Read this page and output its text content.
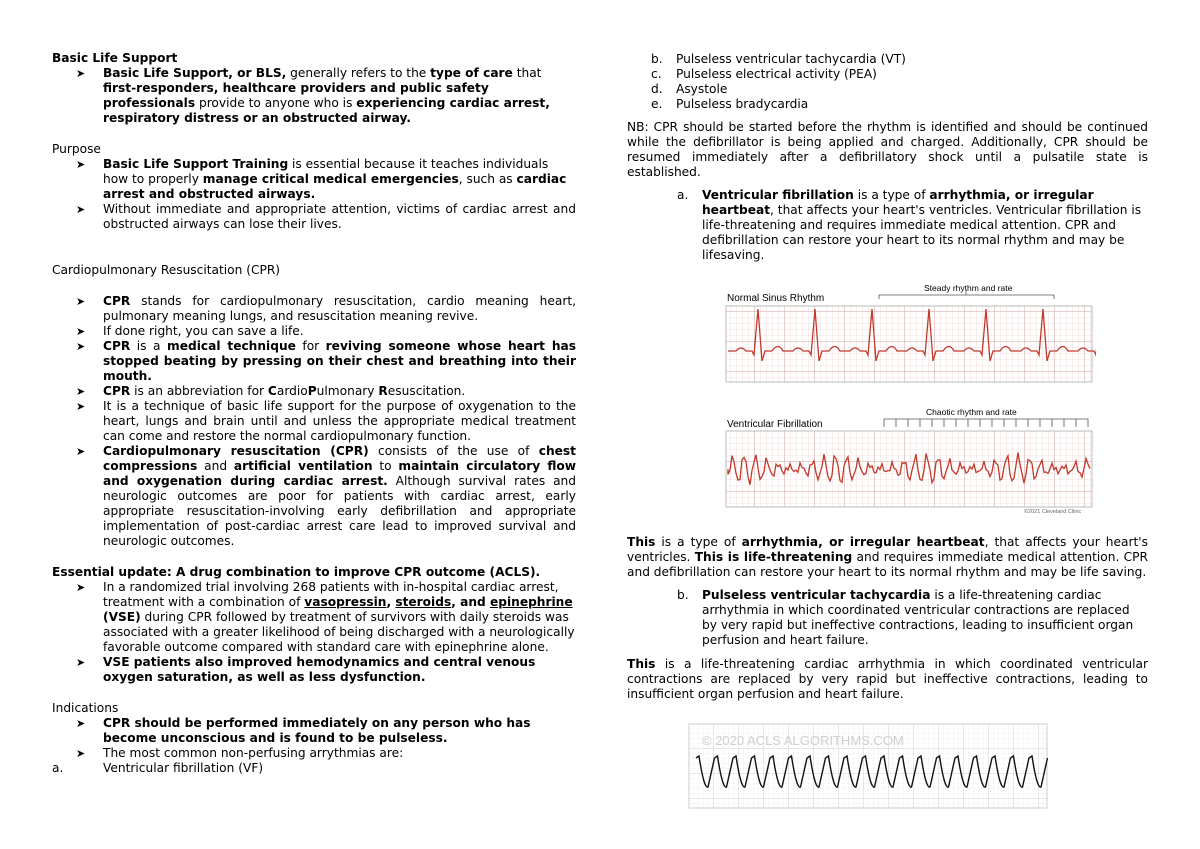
Basic Life Support

➤ Basic Life Support, or BLS, generally refers to the type of care that first-responders, healthcare providers and public safety professionals provide to anyone who is experiencing cardiac arrest, respiratory distress or an obstructed airway.

Purpose

➤ Basic Life Support Training is essential because it teaches individuals how to properly manage critical medical emergencies, such as cardiac arrest and obstructed airways.
➤ Without immediate and appropriate attention, victims of cardiac arrest and obstructed airways can lose their lives.

Cardiopulmonary Resuscitation (CPR)

➤ CPR stands for cardiopulmonary resuscitation, cardio meaning heart, pulmonary meaning lungs, and resuscitation meaning revive.
➤ If done right, you can save a life.
➤ CPR is a medical technique for reviving someone whose heart has stopped beating by pressing on their chest and breathing into their mouth.
➤ CPR is an abbreviation for CardioPulmonary Resuscitation.
➤ It is a technique of basic life support for the purpose of oxygenation to the heart, lungs and brain until and unless the appropriate medical treatment can come and restore the normal cardiopulmonary function.
➤ Cardiopulmonary resuscitation (CPR) consists of the use of chest compressions and artificial ventilation to maintain circulatory flow and oxygenation during cardiac arrest. Although survival rates and neurologic outcomes are poor for patients with cardiac arrest, early appropriate resuscitation-involving early defibrillation and appropriate implementation of post-cardiac arrest care lead to improved survival and neurologic outcomes.

Essential update: A drug combination to improve CPR outcome (ACLS).

➤ In a randomized trial involving 268 patients with in-hospital cardiac arrest, treatment with a combination of vasopressin, steroids, and epinephrine (VSE) during CPR followed by treatment of survivors with daily steroids was associated with a greater likelihood of being discharged with a neurologically favorable outcome compared with standard care with epinephrine alone.
➤ VSE patients also improved hemodynamics and central venous oxygen saturation, as well as less dysfunction.

Indications

➤ CPR should be performed immediately on any person who has become unconscious and is found to be pulseless.
➤ The most common non-perfusing arrythmias are:
a.	Ventricular fibrillation (VF)
b. Pulseless ventricular tachycardia (VT)
c. Pulseless electrical activity (PEA)
d. Asystole
e. Pulseless bradycardia
NB: CPR should be started before the rhythm is identified and should be continued while the defibrillator is being applied and charged. Additionally, CPR should be resumed immediately after a defibrillatory shock until a pulsatile state is established.
a. Ventricular fibrillation is a type of arrhythmia, or irregular heartbeat, that affects your heart's ventricles. Ventricular fibrillation is life-threatening and requires immediate medical attention. CPR and defibrillation can restore your heart to its normal rhythm and may be lifesaving.
This is a type of arrhythmia, or irregular heartbeat, that affects your heart's ventricles. This is life-threatening and requires immediate medical attention. CPR and defibrillation can restore your heart to its normal rhythm and may be life saving.
b. Pulseless ventricular tachycardia is a life-threatening cardiac arrhythmia in which coordinated ventricular contractions are replaced by very rapid but ineffective contractions, leading to insufficient organ perfusion and heart failure.
This is a life-threatening cardiac arrhythmia in which coordinated ventricular contractions are replaced by very rapid but ineffective contractions, leading to insufficient organ perfusion and heart failure.
Normal Sinus Rhythm
Steady rhythm and rate
Ventricular Fibrillation
Chaotic rhythm and rate
©2021 Cleveland Clinic
© 2020 ACLS ALGORITHMS.COM
